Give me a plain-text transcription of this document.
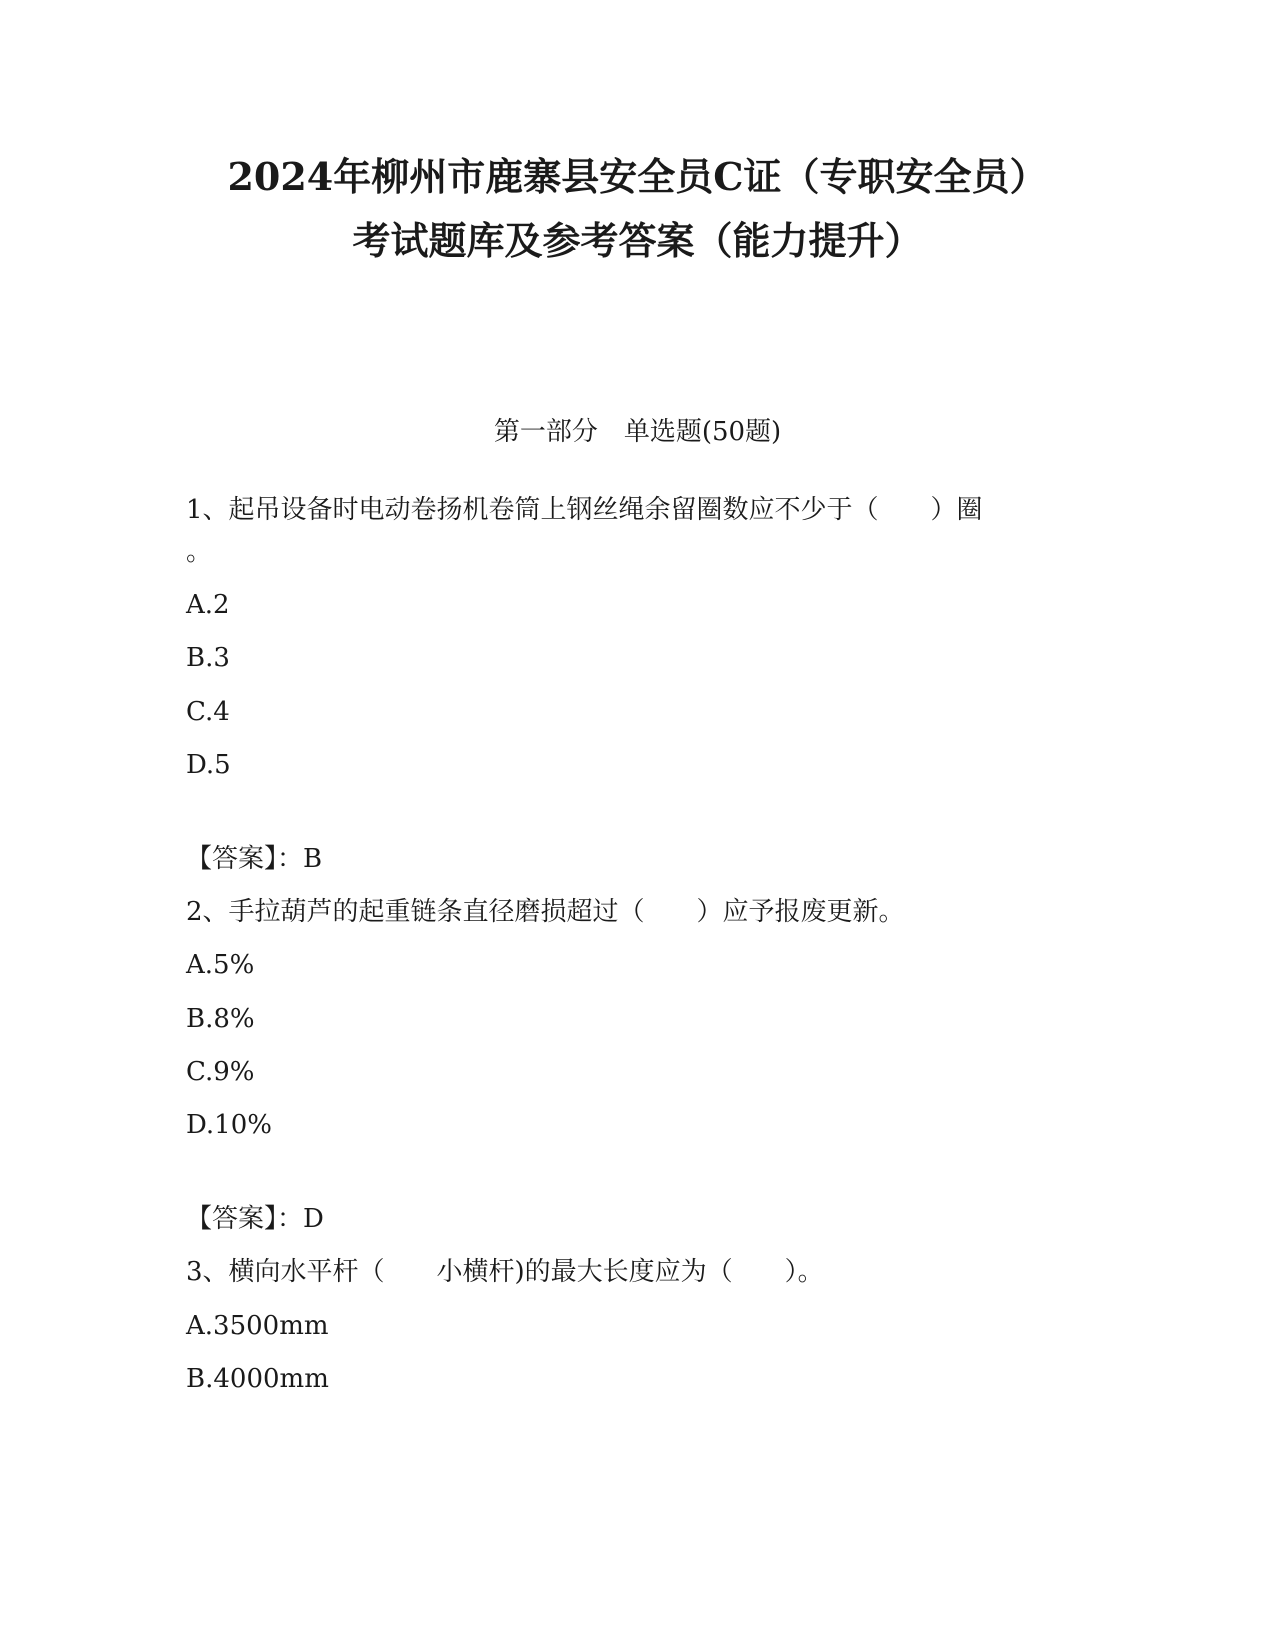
2024年柳州市鹿寨县安全员C证（专职安全员）
考试题库及参考答案（能力提升）
第一部分　单选题(50题)
1、起吊设备时电动卷扬机卷筒上钢丝绳余留圈数应不少于（　　）圈
。
A.2
B.3
C.4
D.5
【答案】：B
2、手拉葫芦的起重链条直径磨损超过（　　）应予报废更新。
A.5%
B.8%
C.9%
D.10%
【答案】：D
3、横向水平杆（　　小横杆)的最大长度应为（　　）。
A.3500mm
B.4000mm
